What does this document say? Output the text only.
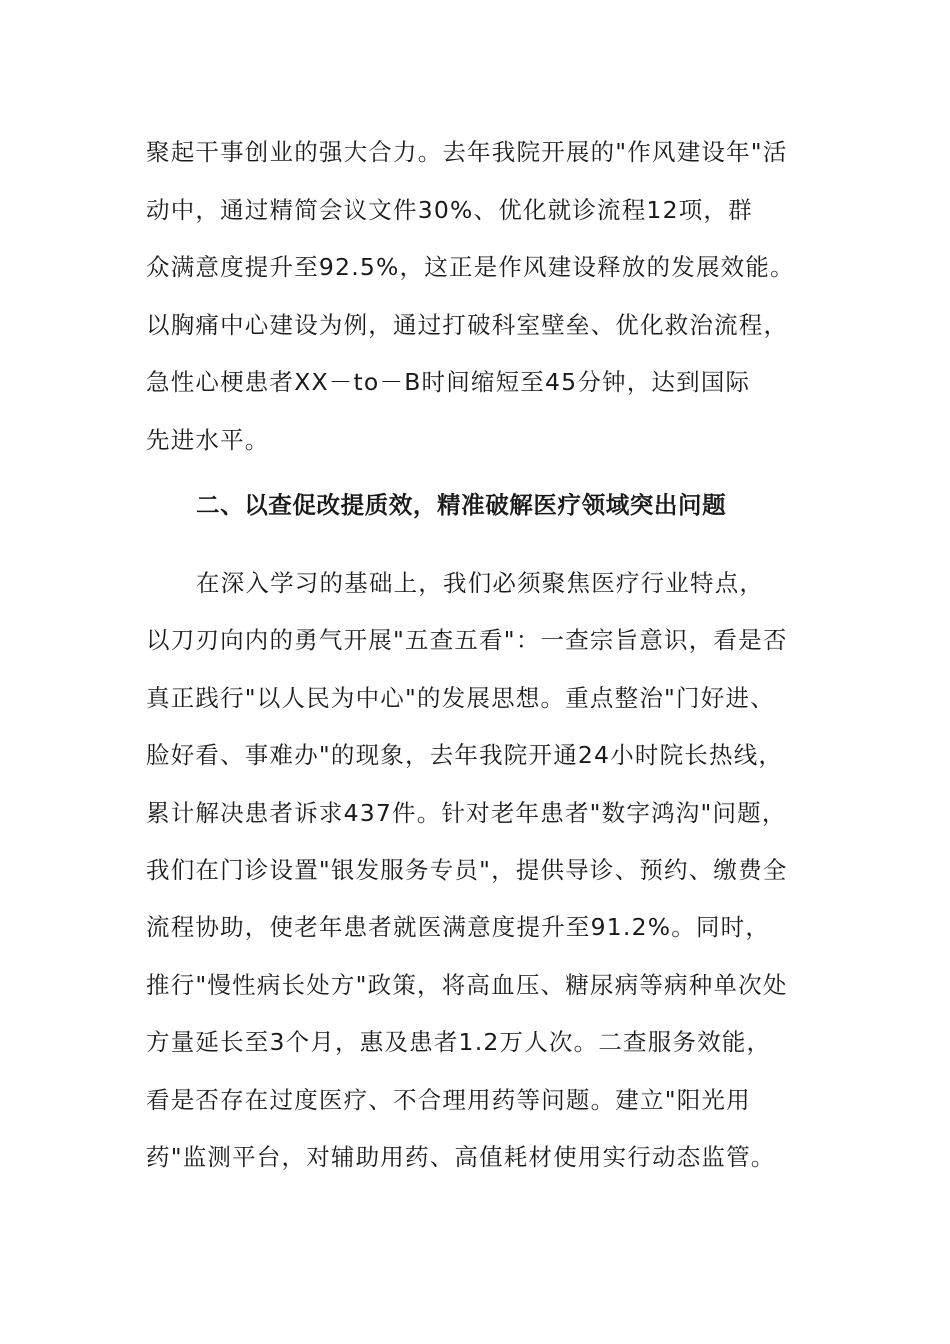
聚起干事创业的强大合力。去年我院开展的"作风建设年"活
动中，通过精简会议文件30%、优化就诊流程12项，群
众满意度提升至92.5%，这正是作风建设释放的发展效能。
以胸痛中心建设为例，通过打破科室壁垒、优化救治流程，
急性心梗患者XX－to－B时间缩短至45分钟，达到国际
先进水平。
二、以查促改提质效，精准破解医疗领域突出问题
在深入学习的基础上，我们必须聚焦医疗行业特点，
以刀刃向内的勇气开展"五查五看"：一查宗旨意识，看是否
真正践行"以人民为中心"的发展思想。重点整治"门好进、
脸好看、事难办"的现象，去年我院开通24小时院长热线，
累计解决患者诉求437件。针对老年患者"数字鸿沟"问题，
我们在门诊设置"银发服务专员"，提供导诊、预约、缴费全
流程协助，使老年患者就医满意度提升至91.2%。同时，
推行"慢性病长处方"政策，将高血压、糖尿病等病种单次处
方量延长至3个月，惠及患者1.2万人次。二查服务效能，
看是否存在过度医疗、不合理用药等问题。建立"阳光用
药"监测平台，对辅助用药、高值耗材使用实行动态监管。
